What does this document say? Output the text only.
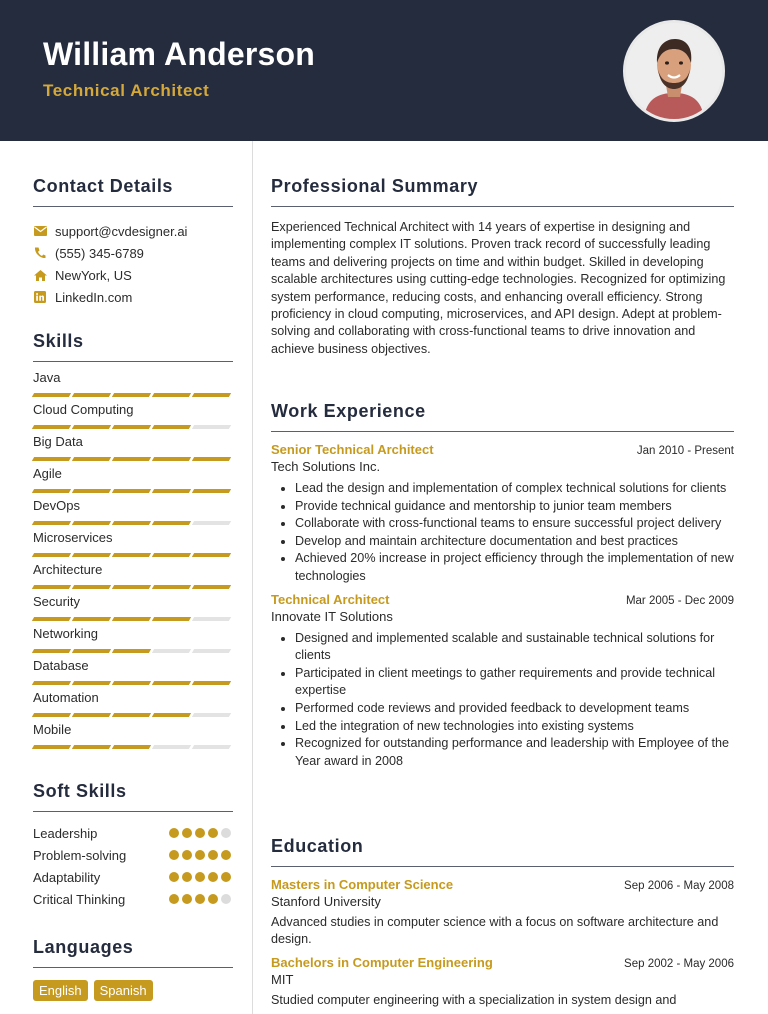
William Anderson
Technical Architect
Contact Details
support@cvdesigner.ai
(555) 345-6789
NewYork, US
LinkedIn.com
Skills
Java
Cloud Computing
Big Data
Agile
DevOps
Microservices
Architecture
Security
Networking
Database
Automation
Mobile
Soft Skills
Leadership
Problem-solving
Adaptability
Critical Thinking
Languages
English	Spanish
Professional Summary
Experienced Technical Architect with 14 years of expertise in designing and implementing complex IT solutions. Proven track record of successfully leading teams and delivering projects on time and within budget. Skilled in developing scalable architectures using cutting-edge technologies. Recognized for optimizing system performance, reducing costs, and enhancing overall efficiency. Strong proficiency in cloud computing, microservices, and API design. Adept at problem-solving and collaborating with cross-functional teams to drive innovation and achieve business objectives.
Work Experience
Senior Technical Architect	Jan 2010 - Present
Tech Solutions Inc.
• Lead the design and implementation of complex technical solutions for clients
• Provide technical guidance and mentorship to junior team members
• Collaborate with cross-functional teams to ensure successful project delivery
• Develop and maintain architecture documentation and best practices
• Achieved 20% increase in project efficiency through the implementation of new technologies
Technical Architect	Mar 2005 - Dec 2009
Innovate IT Solutions
• Designed and implemented scalable and sustainable technical solutions for clients
• Participated in client meetings to gather requirements and provide technical expertise
• Performed code reviews and provided feedback to development teams
• Led the integration of new technologies into existing systems
• Recognized for outstanding performance and leadership with Employee of the Year award in 2008
Education
Masters in Computer Science	Sep 2006 - May 2008
Stanford University
Advanced studies in computer science with a focus on software architecture and design.
Bachelors in Computer Engineering	Sep 2002 - May 2006
MIT
Studied computer engineering with a specialization in system design and
